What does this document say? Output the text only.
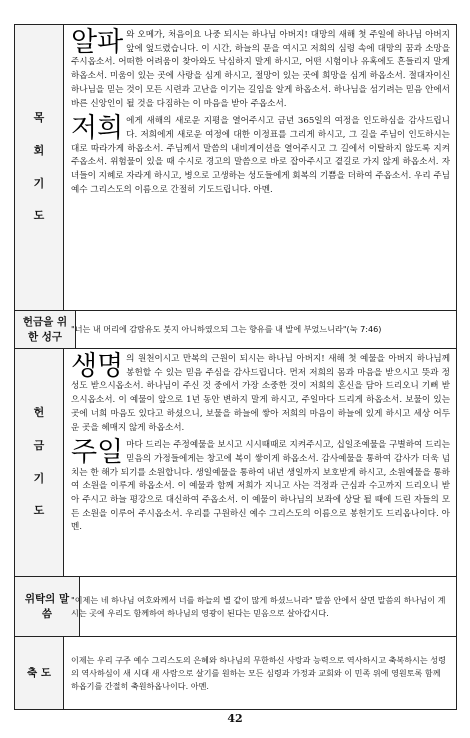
목
회
기
도

알파 와 오메가, 처음이요 나중 되시는 하나님 아버지! 대망의 새해 첫 주일에 하나님 아버지 앞에 엎드렸습니다. 이 시간, 하늘의 문을 여시고 저희의 심령 속에 대망의 꿈과 소망을 주시옵소서. 어떠한 어려움이 찾아와도 낙심하지 말게 하시고, 어떤 시험이나 유혹에도 흔들리지 말게 하옵소서. 미움이 있는 곳에 사랑을 심게 하시고, 절망이 있는 곳에 희망을 심게 하옵소서. 절대자이신 하나님을 믿는 것이 모든 시련과 고난을 이기는 길임을 알게 하옵소서. 하나님을 섬기려는 믿음 안에서 바른 신앙인이 될 것을 다짐하는 이 마음을 받아 주옵소서.

저희 에게 새해의 새로운 지평을 열어주시고 금년 365일의 여정을 인도하심을 감사드립니다. 저희에게 새로운 여정에 대한 이정표를 그리게 하시고, 그 길을 주님이 인도하시는 대로 따라가게 하옵소서. 주님께서 말씀의 내비게이션을 열어주시고 그 길에서 이탈하지 않도록 지켜주옵소서. 위험물이 있을 때 수시로 경고의 말씀으로 바로 잡아주시고 곁길로 가지 않게 하옵소서. 자녀들이 지혜로 자라게 하시고, 병으로 고생하는 성도들에게 회복의 기쁨을 더하여 주옵소서. 우리 주님 예수 그리스도의 이름으로 간절히 기도드립니다. 아멘.

헌금을 위한 성구
"너는 내 머리에 감람유도 붓지 아니하였으되 그는 향유를 내 발에 부었느니라"(눅 7:46)
헌
금
기
도

생명 의 원천이시고 만복의 근원이 되시는 하나님 아버지! 새해 첫 예물을 아버지 하나님께 봉헌할 수 있는 믿음 주심을 감사드립니다. 먼저 저희의 몸과 마음을 받으시고 뜻과 정성도 받으시옵소서. 하나님이 주신 것 중에서 가장 소중한 것이 저희의 혼신을 담아 드리오니 기뻐 받으시옵소서. 이 예물이 앞으로 1년 동안 변하지 말게 하시고, 주일마다 드리게 하옵소서. 보물이 있는 곳에 너희 마음도 있다고 하셨으니, 보물을 하늘에 쌓아 저희의 마음이 하늘에 있게 하시고 세상 어두운 곳을 헤매지 않게 하옵소서.

주일 마다 드리는 주정예물을 보시고 시시때때로 지켜주시고, 십일조예물을 구별하여 드리는 믿음의 가정들에게는 창고에 복이 쌓이게 하옵소서. 감사예물을 통하여 감사가 더욱 넘치는 한 해가 되기를 소원합니다. 생일예물을 통하여 내년 생일까지 보호받게 하시고, 소원예물을 통하여 소원을 이루게 하옵소서. 이 예물과 함께 저희가 지니고 사는 걱정과 근심과 수고까지 드리오니 받아 주시고 하늘 평강으로 대신하여 주옵소서. 이 예물이 하나님의 보좌에 상달 될 때에 드린 자들의 모든 소원을 이루어 주시옵소서. 우리를 구원하신 예수 그리스도의 이름으로 봉헌기도 드리옵나이다. 아멘.

위탁의 말씀
"이제는 네 하나님 여호와께서 너를 하늘의 별 같이 많게 하셨느니라" 말씀 안에서 살면 말씀의 하나님이 계시는 곳에 우리도 함께하여 하나님의 영광이 된다는 믿음으로 살아갑시다.
축 도
이제는 우리 구주 예수 그리스도의 은혜와 하나님의 무한하신 사랑과 능력으로 역사하시고 축복하시는 성령의 역사하심이 새 시대 새 사람으로 살기를 원하는 모든 심령과 가정과 교회와 이 민족 위에 영원토록 함께 하옵기를 간절히 축원하옵나이다. 아멘.
42
